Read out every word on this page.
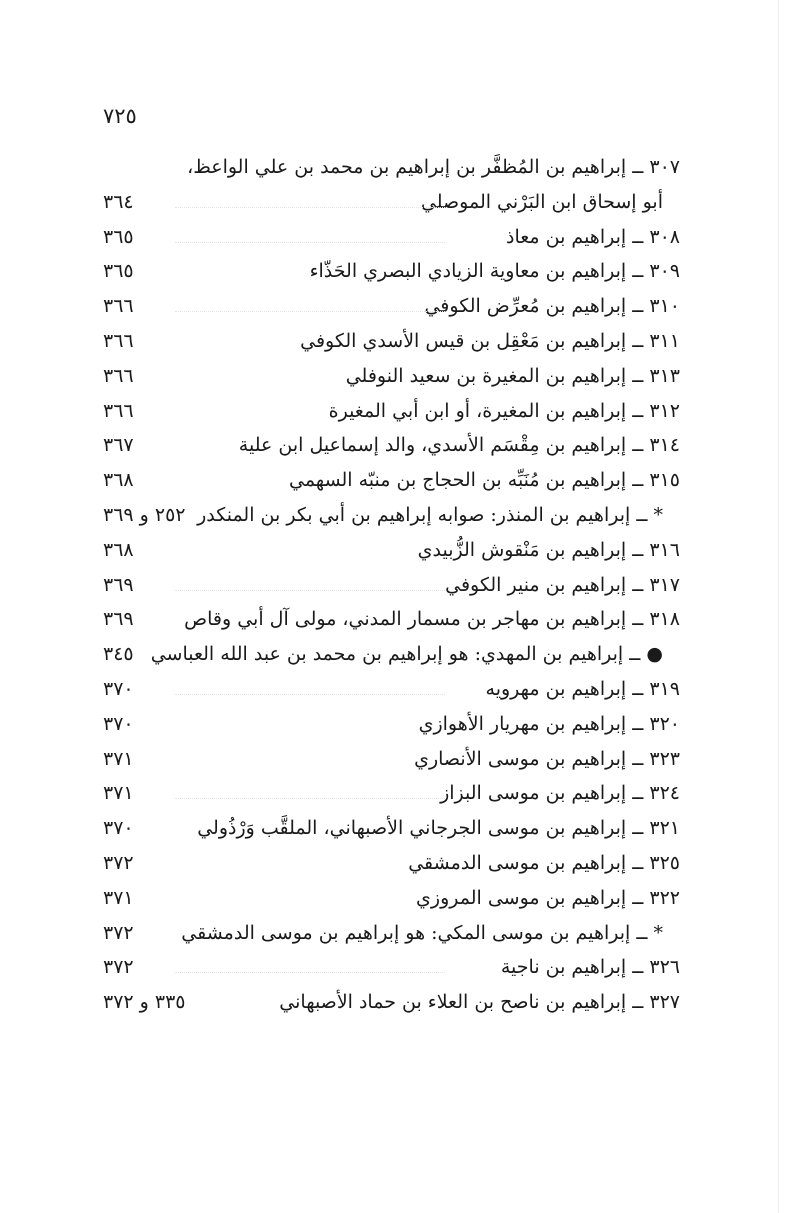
٧٢٥
٣٠٧ ــ إبراهيم بن المُظفَّر بن إبراهيم بن محمد بن علي الواعظ،
أبو إسحاق ابن البَرْني الموصلي
٣٦٤
٣٠٨ ــ إبراهيم بن معاذ
٣٦٥
٣٠٩ ــ إبراهيم بن معاوية الزيادي البصري الحَذّاء
٣٦٥
٣١٠ ــ إبراهيم بن مُعرِّض الكوفي
٣٦٦
٣١١ ــ إبراهيم بن مَعْقِل بن قيس الأسدي الكوفي
٣٦٦
٣١٣ ــ إبراهيم بن المغيرة بن سعيد النوفلي
٣٦٦
٣١٢ ــ إبراهيم بن المغيرة، أو ابن أبي المغيرة
٣٦٦
٣١٤ ــ إبراهيم بن مِقْسَم الأسدي، والد إسماعيل ابن علية
٣٦٧
٣١٥ ــ إبراهيم بن مُنَبِّه بن الحجاج بن منبّه السهمي
٣٦٨
* ــ إبراهيم بن المنذر: صوابه إبراهيم بن أبي بكر بن المنكدر
٢٥٢ و ٣٦٩
٣١٦ ــ إبراهيم بن مَنْقوش الزُّبيدي
٣٦٨
٣١٧ ــ إبراهيم بن منير الكوفي
٣٦٩
٣١٨ ــ إبراهيم بن مهاجر بن مسمار المدني، مولى آل أبي وقاص
٣٦٩
● ــ إبراهيم بن المهدي: هو إبراهيم بن محمد بن عبد الله العباسي
٣٤٥
٣١٩ ــ إبراهيم بن مهرويه
٣٧٠
٣٢٠ ــ إبراهيم بن مهريار الأهوازي
٣٧٠
٣٢٣ ــ إبراهيم بن موسى الأنصاري
٣٧١
٣٢٤ ــ إبراهيم بن موسى البزاز
٣٧١
٣٢١ ــ إبراهيم بن موسى الجرجاني الأصبهاني، الملقَّب وَرْذُولي
٣٧٠
٣٢٥ ــ إبراهيم بن موسى الدمشقي
٣٧٢
٣٢٢ ــ إبراهيم بن موسى المروزي
٣٧١
* ــ إبراهيم بن موسى المكي: هو إبراهيم بن موسى الدمشقي
٣٧٢
٣٢٦ ــ إبراهيم بن ناجية
٣٧٢
٣٢٧ ــ إبراهيم بن ناصح بن العلاء بن حماد الأصبهاني
٣٣٥ و ٣٧٢
